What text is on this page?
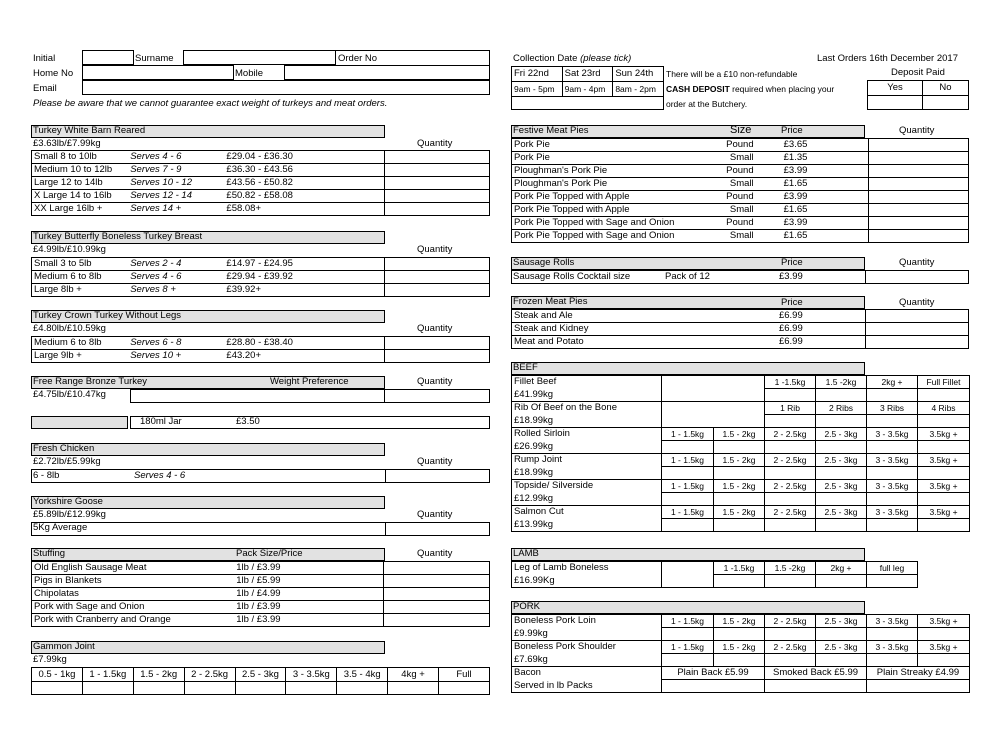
Initial	Surname	Order No
Home No	Mobile
Email
Please be aware that we cannot guarantee exact weight of turkeys and meat orders.
Collection Date (please tick)	Last Orders 16th December 2017
Fri 22nd	Sat 23rd	Sun 24th
9am - 5pm	9am - 4pm	8am - 2pm
There will be a £10 non-refundable
CASH DEPOSIT required when placing your
order at the Butchery.
Deposit Paid
Yes	No

Turkey White Barn Reared
£3.63lb/£7.99kg	Quantity
Small 8 to 10lb	Serves 4 - 6	£29.04 - £36.30	
Medium 10 to 12lb	Serves 7 - 9	£36.30 - £43.56	
Large 12 to 14lb	Serves 10 - 12	£43.56 - £50.82	
X Large 14 to 16lb	Serves 12 - 14	£50.82 - £58.08	
XX Large 16lb +	Serves 14 +	£58.08+	
Turkey Butterfly Boneless Turkey Breast
£4.99lb/£10.99kg	Quantity
Small 3 to 5lb	Serves 2 - 4	£14.97 - £24.95	
Medium 6 to 8lb	Serves 4 - 6	£29.94 - £39.92	
Large 8lb +	Serves 8 +	£39.92+	
Turkey Crown Turkey Without Legs
£4.80lb/£10.59kg	Quantity
Medium 6 to 8lb	Serves 6 - 8	£28.80 - £38.40	
Large 9lb +	Serves 10 +	£43.20+	
Free Range Bronze Turkey	Weight Preference	Quantity
£4.75lb/£10.47kg
180ml Jar	£3.50
Fresh Chicken
£2.72lb/£5.99kg	Quantity
6 - 8lb	Serves 4 - 6
Yorkshire Goose
£5.89lb/£12.99kg	Quantity
5Kg Average
Stuffing	Pack Size/Price	Quantity
Old English Sausage Meat	1lb / £3.99	
Pigs in Blankets	1lb / £5.99	
Chipolatas	1lb / £4.99	
Pork with Sage and Onion	1lb / £3.99	
Pork with Cranberry and Orange	1lb / £3.99	
Gammon Joint
£7.99kg
0.5 - 1kg	1 - 1.5kg	1.5 - 2kg	2 - 2.5kg	2.5 - 3kg	3 - 3.5kg	3.5 - 4kg	4kg +	Full

Festive Meat Pies	Size	Price	Quantity
Pork Pie	Pound	£3.65	
Pork Pie	Small	£1.35	
Ploughman's Pork Pie	Pound	£3.99	
Ploughman's Pork Pie	Small	£1.65	
Pork Pie Topped with Apple	Pound	£3.99	
Pork Pie Topped with Apple	Small	£1.65	
Pork Pie Topped with Sage and Onion	Pound	£3.99	
Pork Pie Topped with Sage and Onion	Small	£1.65	
Sausage Rolls	Price	Quantity
Sausage Rolls Cocktail size	Pack of 12	£3.99
Frozen Meat Pies	Price	Quantity
Steak and Ale	£6.99	
Steak and Kidney	£6.99	
Meat and Potato	£6.99	
BEEF
Fillet Beef			1 -1.5kg	1.5 -2kg	2kg +	Full Fillet
£41.99kg						
Rib Of Beef on the Bone			1 Rib	2 Ribs	3 Ribs	4 Ribs
£18.99kg						
Rolled Sirloin	1 - 1.5kg	1.5 - 2kg	2 - 2.5kg	2.5 - 3kg	3 - 3.5kg	3.5kg +
£26.99kg						
Rump Joint	1 - 1.5kg	1.5 - 2kg	2 - 2.5kg	2.5 - 3kg	3 - 3.5kg	3.5kg +
£18.99kg						
Topside/ Silverside	1 - 1.5kg	1.5 - 2kg	2 - 2.5kg	2.5 - 3kg	3 - 3.5kg	3.5kg +
£12.99kg						
Salmon Cut	1 - 1.5kg	1.5 - 2kg	2 - 2.5kg	2.5 - 3kg	3 - 3.5kg	3.5kg +
£13.99kg						
LAMB
Leg of Lamb Boneless		1 -1.5kg	1.5 -2kg	2kg +	full leg
£16.99Kg					
PORK
Boneless Pork Loin	1 - 1.5kg	1.5 - 2kg	2 - 2.5kg	2.5 - 3kg	3 - 3.5kg	3.5kg +
£9.99kg						
Boneless Pork Shoulder	1 - 1.5kg	1.5 - 2kg	2 - 2.5kg	2.5 - 3kg	3 - 3.5kg	3.5kg +
£7.69kg						
Bacon	Plain Back £5.99		Smoked Back £5.99		Plain Streaky £4.99	
Served in lb Packs						
